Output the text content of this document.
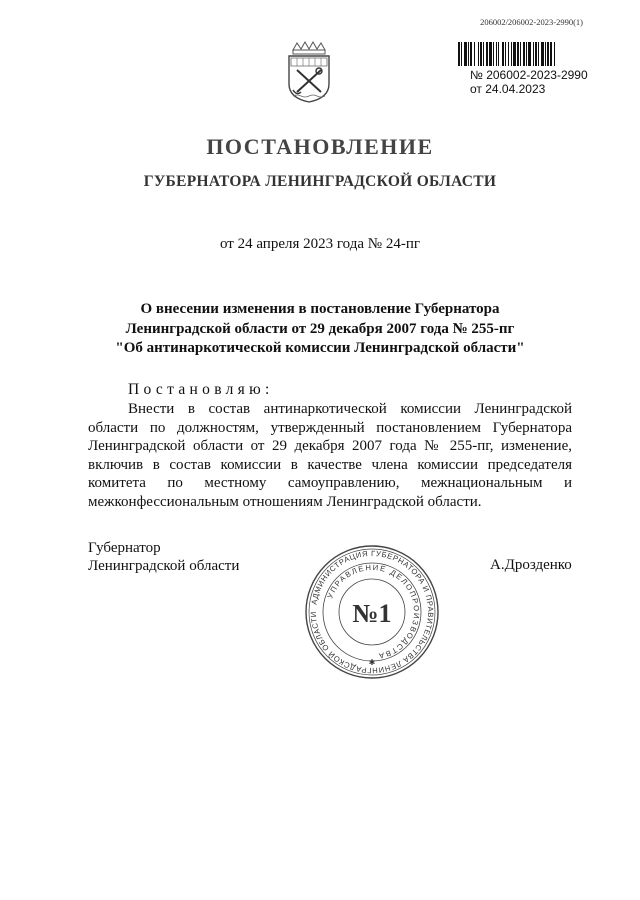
206002/206002-2023-2990(1)
№ 206002-2023-2990
от 24.04.2023
ПОСТАНОВЛЕНИЕ
ГУБЕРНАТОРА ЛЕНИНГРАДСКОЙ ОБЛАСТИ
от 24 апреля 2023 года № 24-пг
О внесении изменения в постановление Губернатора
Ленинградской области от 29 декабря 2007 года № 255-пг
"Об антинаркотической комиссии Ленинградской области"
Постановляю:

Внести в состав антинаркотической комиссии Ленинградской области по должностям, утвержденный постановлением Губернатора Ленинградской области от 29 декабря 2007 года № 255-пг, изменение, включив в состав комиссии в качестве члена комиссии председателя комитета по местному самоуправлению, межнациональным и межконфессиональным отношениям Ленинградской области.

Губернатор
Ленинградской области	А.Дрозденко
АДМИНИСТРАЦИЯ ГУБЕРНАТОРА И ПРАВИТЕЛЬСТВА ЛЕНИНГРАДСКОЙ ОБЛАСТИ
УПРАВЛЕНИЕ ДЕЛОПРОИЗВОДСТВА
№1
✱
